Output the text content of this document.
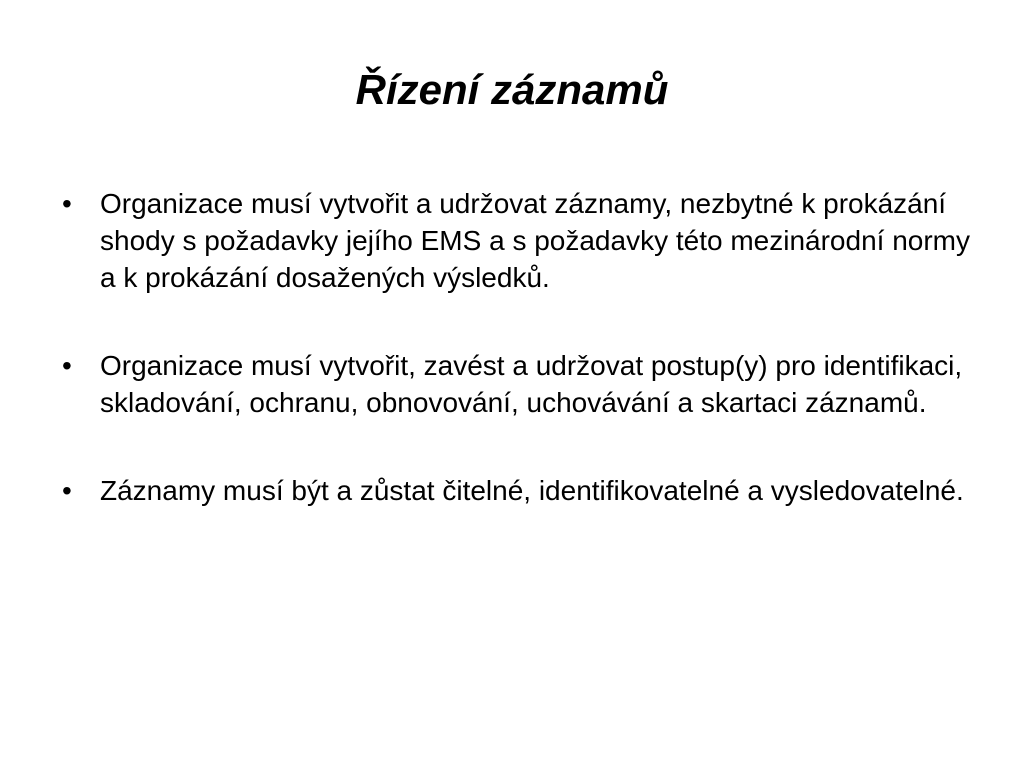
Řízení záznamů
•	Organizace musí vytvořit a udržovat záznamy, nezbytné k prokázání shody s požadavky jejího EMS a s požadavky této mezinárodní normy a k prokázání dosažených výsledků.
•	Organizace musí vytvořit, zavést a udržovat postup(y) pro identifikaci, skladování, ochranu, obnovování, uchovávání a skartaci záznamů.
•	Záznamy musí být a zůstat čitelné, identifikovatelné a vysledovatelné.
